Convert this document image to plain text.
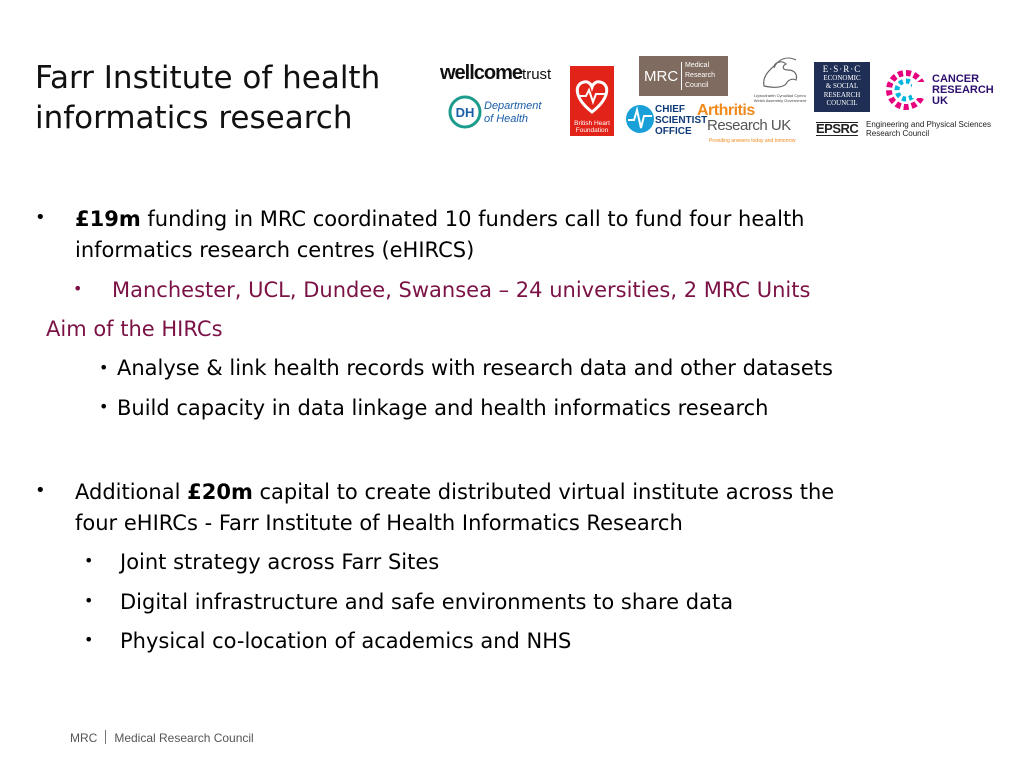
Farr Institute of health informatics research
wellcometrust
DH Department
of Health	British Heart Foundation
MRC
Medical
Research
Council
CHIEF
SCIENTIST
OFFICE
Arthritis
Research UK
Providing answers today and tomorrow
Llywodraeth Cynulliad Cymru
Welsh Assembly Government
E·S·R·C
ECONOMIC
& SOCIAL
RESEARCH
COUNCIL
CANCER
RESEARCH
UK
EPSRC Engineering and Physical Sciences
Research Council
• £19m funding in MRC coordinated 10 funders call to fund four health
informatics research centres (eHIRCS)
• Manchester, UCL, Dundee, Swansea – 24 universities, 2 MRC Units
Aim of the HIRCs
• Analyse & link health records with research data and other datasets
• Build capacity in data linkage and health informatics research
• Additional £20m capital to create distributed virtual institute across the
four eHIRCs - Farr Institute of Health Informatics Research
• Joint strategy across Farr Sites
• Digital infrastructure and safe environments to share data
• Physical co-location of academics and NHS
MRC Medical Research Council
